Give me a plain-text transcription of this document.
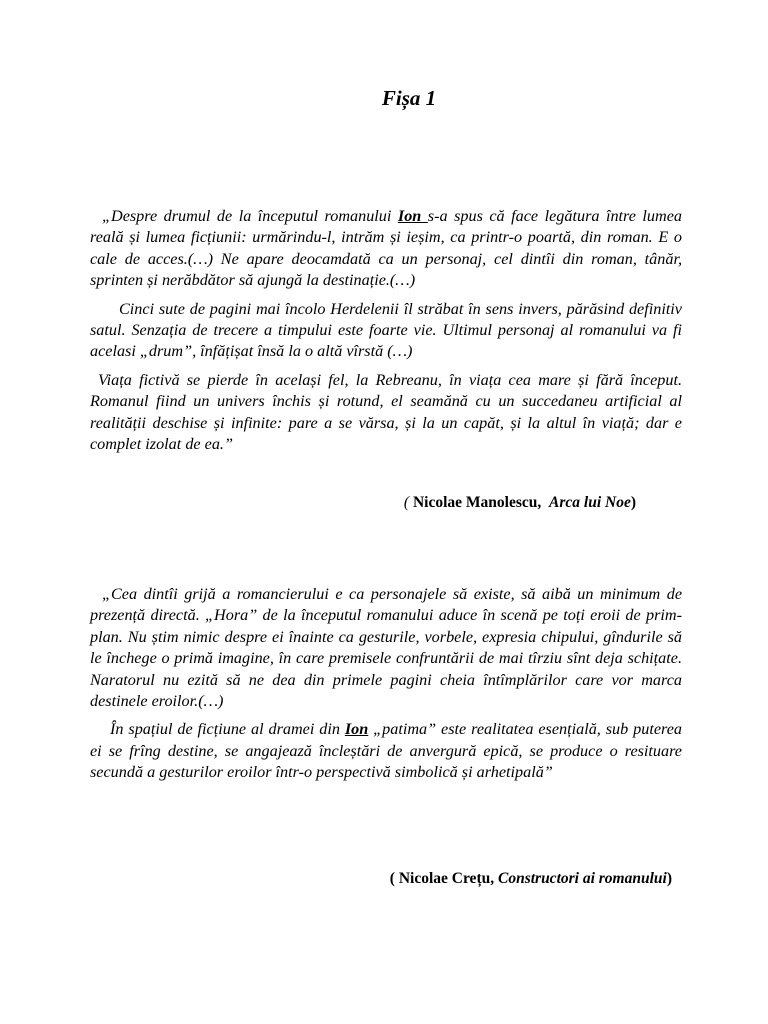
Fișa 1

„Despre drumul de la începutul romanului Ion s-a spus că face legătura între lumea reală și lumea ficțiunii: urmărindu-l, intrăm și ieșim, ca printr-o poartă, din roman. E o cale de acces.(…) Ne apare deocamdată ca un personaj, cel dintîi din roman, tânăr, sprinten și nerăbdător să ajungă la destinație.(…)

Cinci sute de pagini mai încolo Herdelenii îl străbat în sens invers, părăsind definitiv satul. Senzația de trecere a timpului este foarte vie. Ultimul personaj al romanului va fi acelasi „drum”, înfățișat însă la o altă vîrstă (…)

Viața fictivă se pierde în același fel, la Rebreanu, în viața cea mare și fără început. Romanul fiind un univers închis și rotund, el seamănă cu un succedaneu artificial al realității deschise și infinite: pare a se vărsa, și la un capăt, și la altul în viață; dar e complet izolat de ea.”

( Nicolae Manolescu, Arca lui Noe)

„Cea dintîi grijă a romancierului e ca personajele să existe, să aibă un minimum de prezență directă. „Hora” de la începutul romanului aduce în scenă pe toți eroii de prim-plan. Nu știm nimic despre ei înainte ca gesturile, vorbele, expresia chipului, gîndurile să le închege o primă imagine, în care premisele confruntării de mai tîrziu sînt deja schițate. Naratorul nu ezită să ne dea din primele pagini cheia întîmplărilor care vor marca destinele eroilor.(…)

În spațiul de ficțiune al dramei din Ion „patima” este realitatea esențială, sub puterea ei se frîng destine, se angajează încleștări de anvergură epică, se produce o resituare secundă a gesturilor eroilor într-o perspectivă simbolică și arhetipală”

( Nicolae Crețu, Constructori ai romanului)
